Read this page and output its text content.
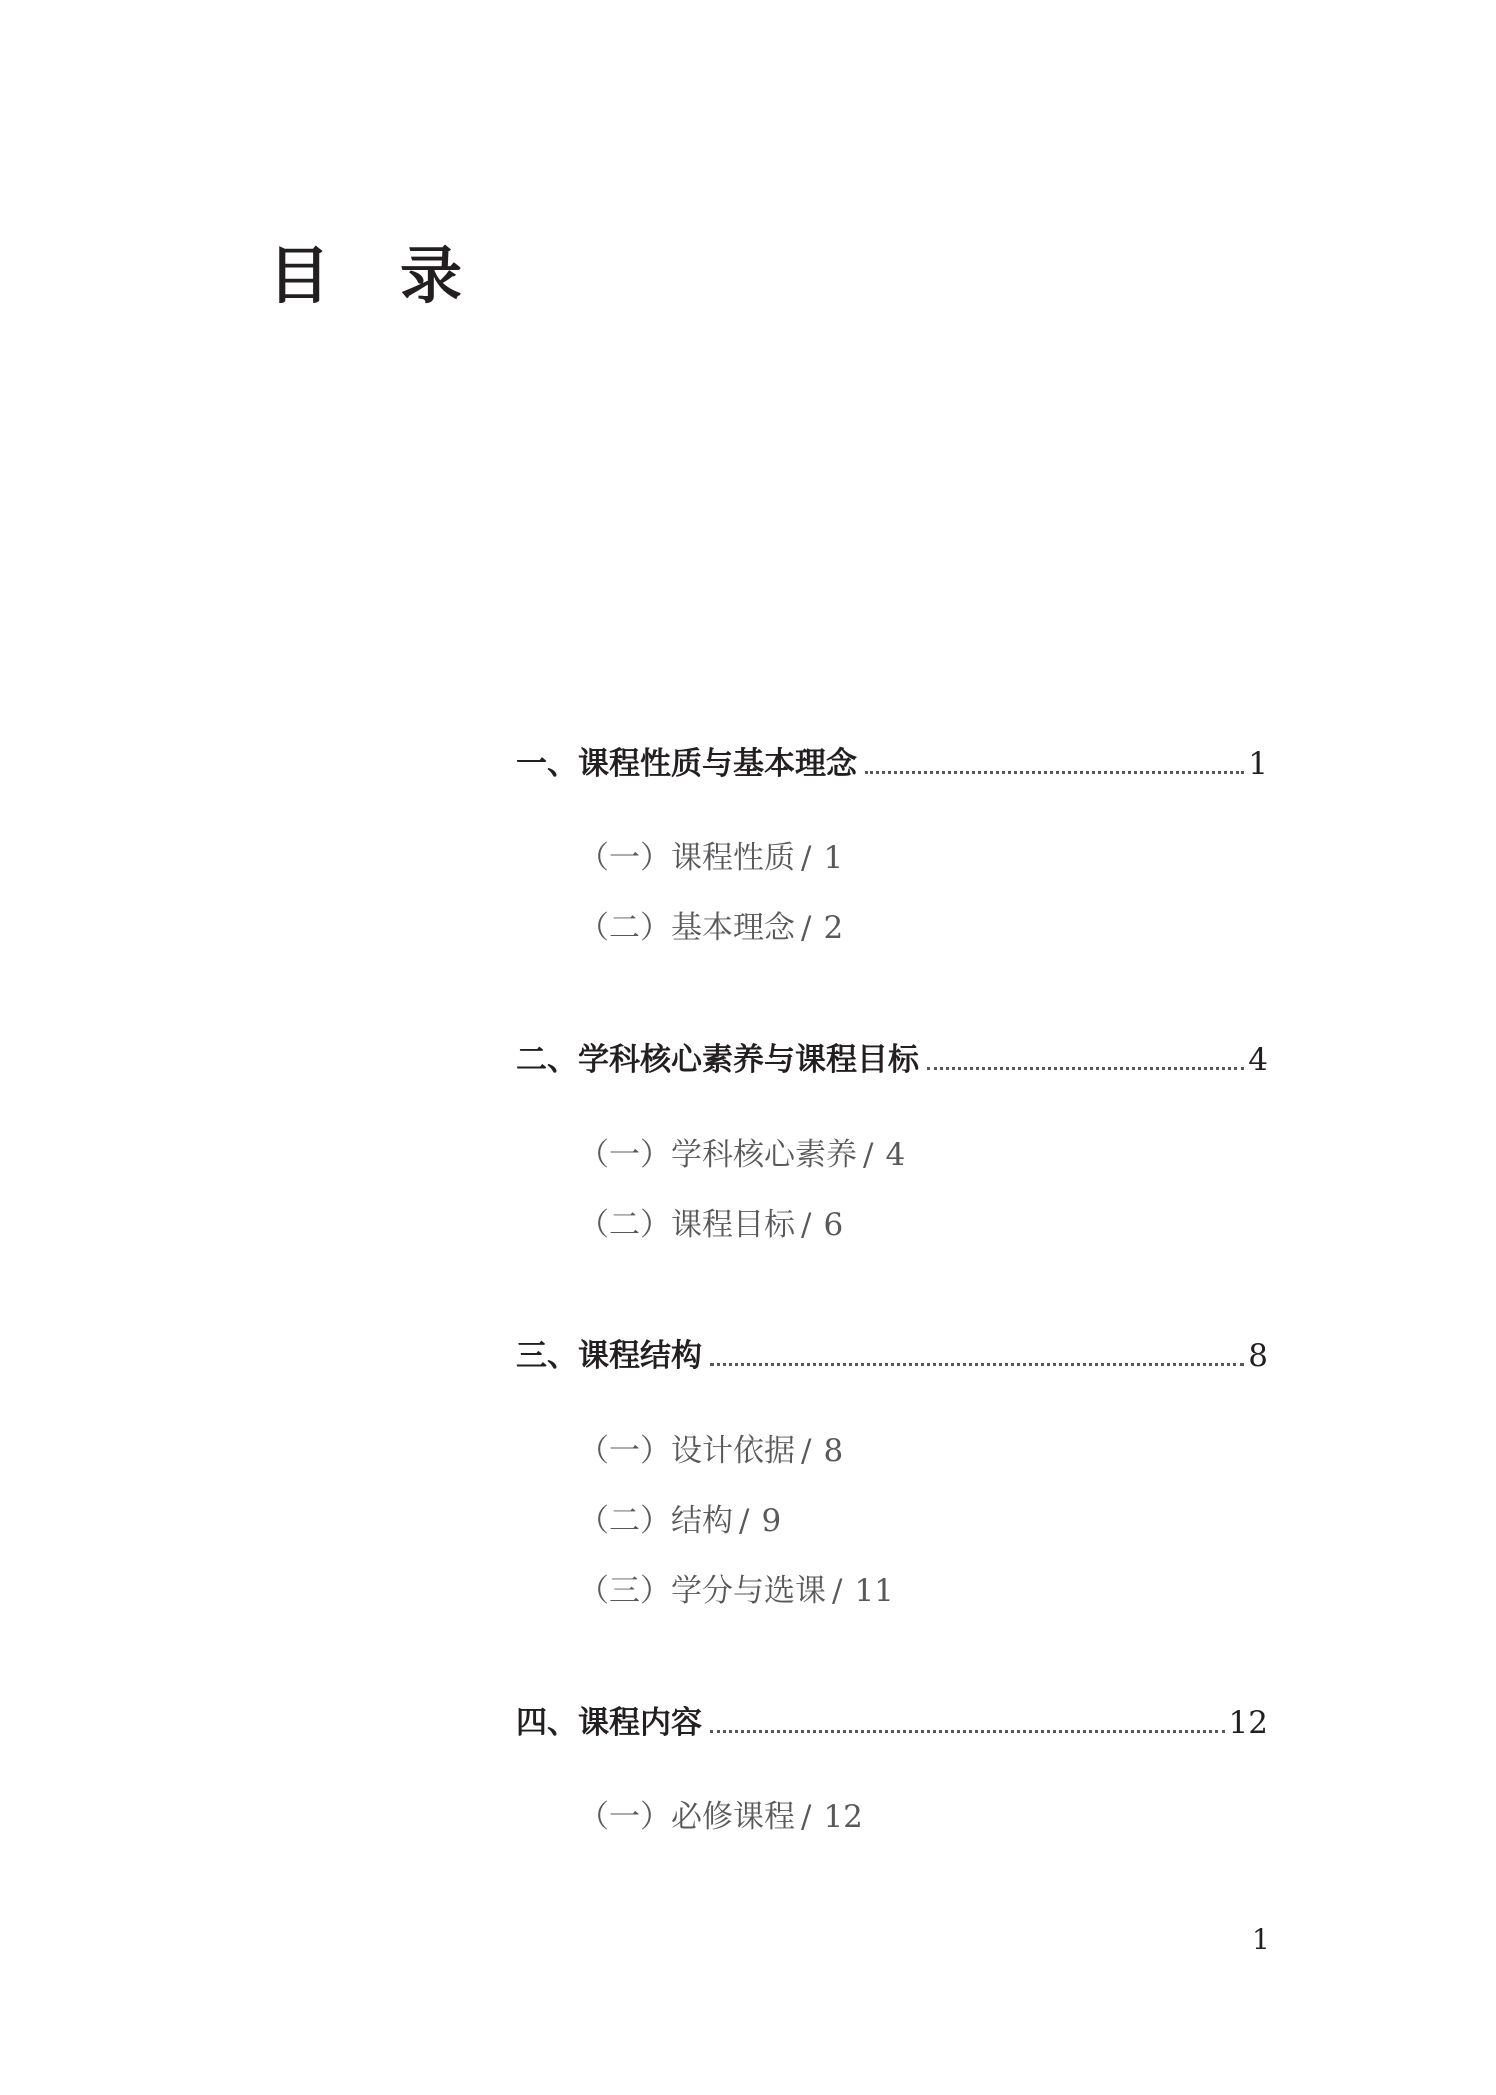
目 录
一、课程性质与基本理念	1
（一）课程性质 / 1
（二）基本理念 / 2
二、学科核心素养与课程目标	4
（一）学科核心素养 / 4
（二）课程目标 / 6
三、课程结构	8
（一）设计依据 / 8
（二）结构 / 9
（三）学分与选课 / 11
四、课程内容	12
（一）必修课程 / 12
1
